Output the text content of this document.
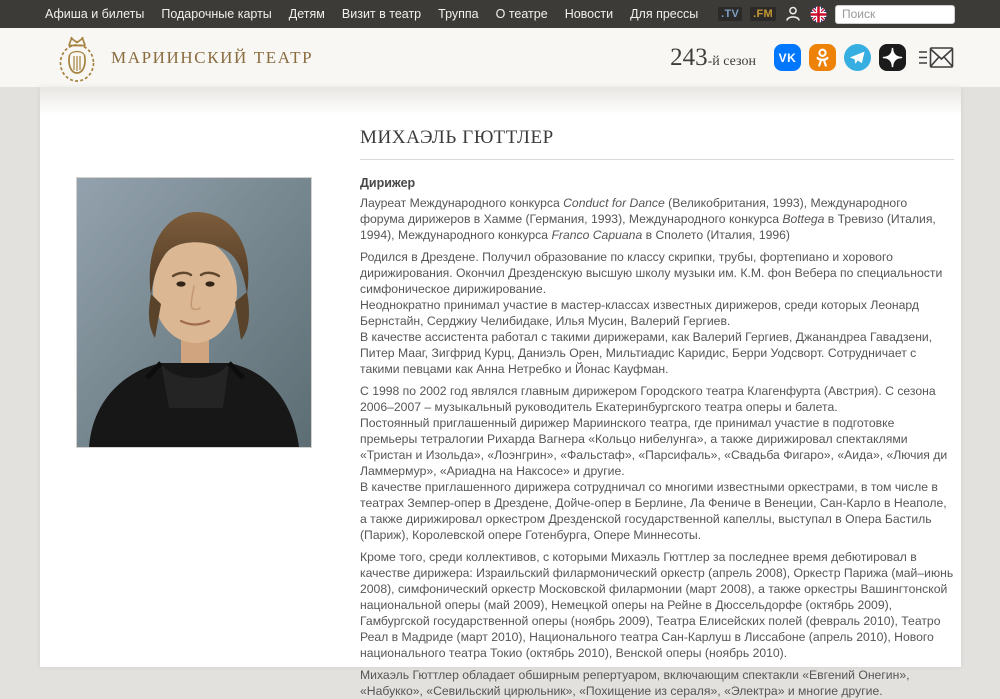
Афиша и билеты Подарочные карты Детям Визит в театр Труппа О театре Новости Для прессы .TV .FM
Поиск
МАРИИНСКИЙ ТЕАТР	243-й сезон	VK
МИХАЭЛЬ ГЮТТЛЕР
Дирижер

Лауреат Международного конкурса Conduct for Dance (Великобритания, 1993), Международного форума дирижеров в Хамме (Германия, 1993), Международного конкурса Bottega в Тревизо (Италия, 1994), Международного конкурса Franco Capuana в Сполето (Италия, 1996)

Родился в Дрездене. Получил образование по классу скрипки, трубы, фортепиано и хорового дирижирования. Окончил Дрезденскую высшую школу музыки им. К.М. фон Вебера по специальности симфоническое дирижирование.
Неоднократно принимал участие в мастер-классах известных дирижеров, среди которых Леонард Бернстайн, Серджиу Челибидаке, Илья Мусин, Валерий Гергиев.
В качестве ассистента работал с такими дирижерами, как Валерий Гергиев, Джанандреа Гавадзени, Питер Мааг, Зигфрид Курц, Даниэль Орен, Мильтиадис Каридис, Берри Уодсворт. Сотрудничает с такими певцами как Анна Нетребко и Йонас Кауфман.

С 1998 по 2002 год являлся главным дирижером Городского театра Клагенфурта (Австрия). С сезона 2006–2007 – музыкальный руководитель Екатеринбургского театра оперы и балета.
Постоянный приглашенный дирижер Мариинского театра, где принимал участие в подготовке премьеры тетралогии Рихарда Вагнера «Кольцо нибелунга», а также дирижировал спектаклями «Тристан и Изольда», «Лоэнгрин», «Фальстаф», «Парсифаль», «Свадьба Фигаро», «Аида», «Лючия ди Ламмермур», «Ариадна на Наксосе» и другие.
В качестве приглашенного дирижера сотрудничал со многими известными оркестрами, в том числе в театрах Земпер-опер в Дрездене, Дойче-опер в Берлине, Ла Фениче в Венеции, Сан-Карло в Неаполе, а также дирижировал оркестром Дрезденской государственной капеллы, выступал в Опера Бастиль (Париж), Королевской опере Готенбурга, Опере Миннесоты.

Кроме того, среди коллективов, с которыми Михаэль Гюттлер за последнее время дебютировал в качестве дирижера: Израильский филармонический оркестр (апрель 2008), Оркестр Парижа (май–июнь 2008), симфонический оркестр Московской филармонии (март 2008), а также оркестры Вашингтонской национальной оперы (май 2009), Немецкой оперы на Рейне в Дюссельдорфе (октябрь 2009), Гамбургской государственной оперы (ноябрь 2009), Театра Елисейских полей (февраль 2010), Театро Реал в Мадриде (март 2010), Национального театра Сан-Карлуш в Лиссабоне (апрель 2010), Нового национального театра Токио (октябрь 2010), Венской оперы (ноябрь 2010).

Михаэль Гюттлер обладает обширным репертуаром, включающим спектакли «Евгений Онегин», «Набукко», «Севильский цирюльник», «Похищение из сераля», «Электра» и многие другие.
